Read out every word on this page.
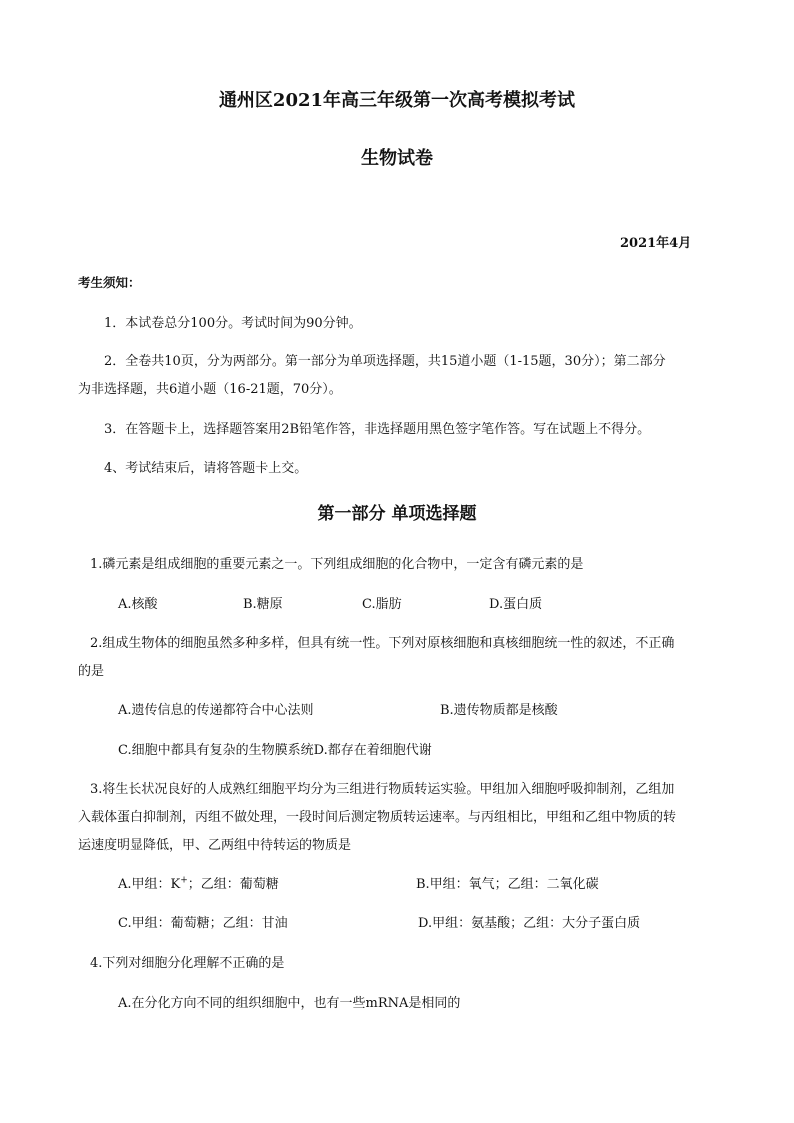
通州区2021年高三年级第一次高考模拟考试
生物试卷
2021年4月
考生须知：
1．本试卷总分100分。考试时间为90分钟。
2．全卷共10页，分为两部分。第一部分为单项选择题，共15道小题（1-15题，30分）；第二部分
为非选择题，共6道小题（16-21题，70分）。
3．在答题卡上，选择题答案用2B铅笔作答，非选择题用黑色签字笔作答。写在试题上不得分。
4、考试结束后，请将答题卡上交。
第一部分 单项选择题
1.磷元素是组成细胞的重要元素之一。下列组成细胞的化合物中，一定含有磷元素的是
A.核酸	B.糖原	C.脂肪	D.蛋白质
2.组成生物体的细胞虽然多种多样，但具有统一性。下列对原核细胞和真核细胞统一性的叙述，不正确
的是
A.遗传信息的传递都符合中心法则	B.遗传物质都是核酸
C.细胞中都具有复杂的生物膜系统D.都存在着细胞代谢
3.将生长状况良好的人成熟红细胞平均分为三组进行物质转运实验。甲组加入细胞呼吸抑制剂，乙组加
入载体蛋白抑制剂，丙组不做处理，一段时间后测定物质转运速率。与丙组相比，甲组和乙组中物质的转
运速度明显降低，甲、乙两组中待转运的物质是
A.甲组：K+；乙组：葡萄糖	B.甲组：氧气；乙组：二氧化碳
C.甲组：葡萄糖；乙组：甘油	D.甲组：氨基酸；乙组：大分子蛋白质
4.下列对细胞分化理解不正确的是
A.在分化方向不同的组织细胞中，也有一些mRNA是相同的
